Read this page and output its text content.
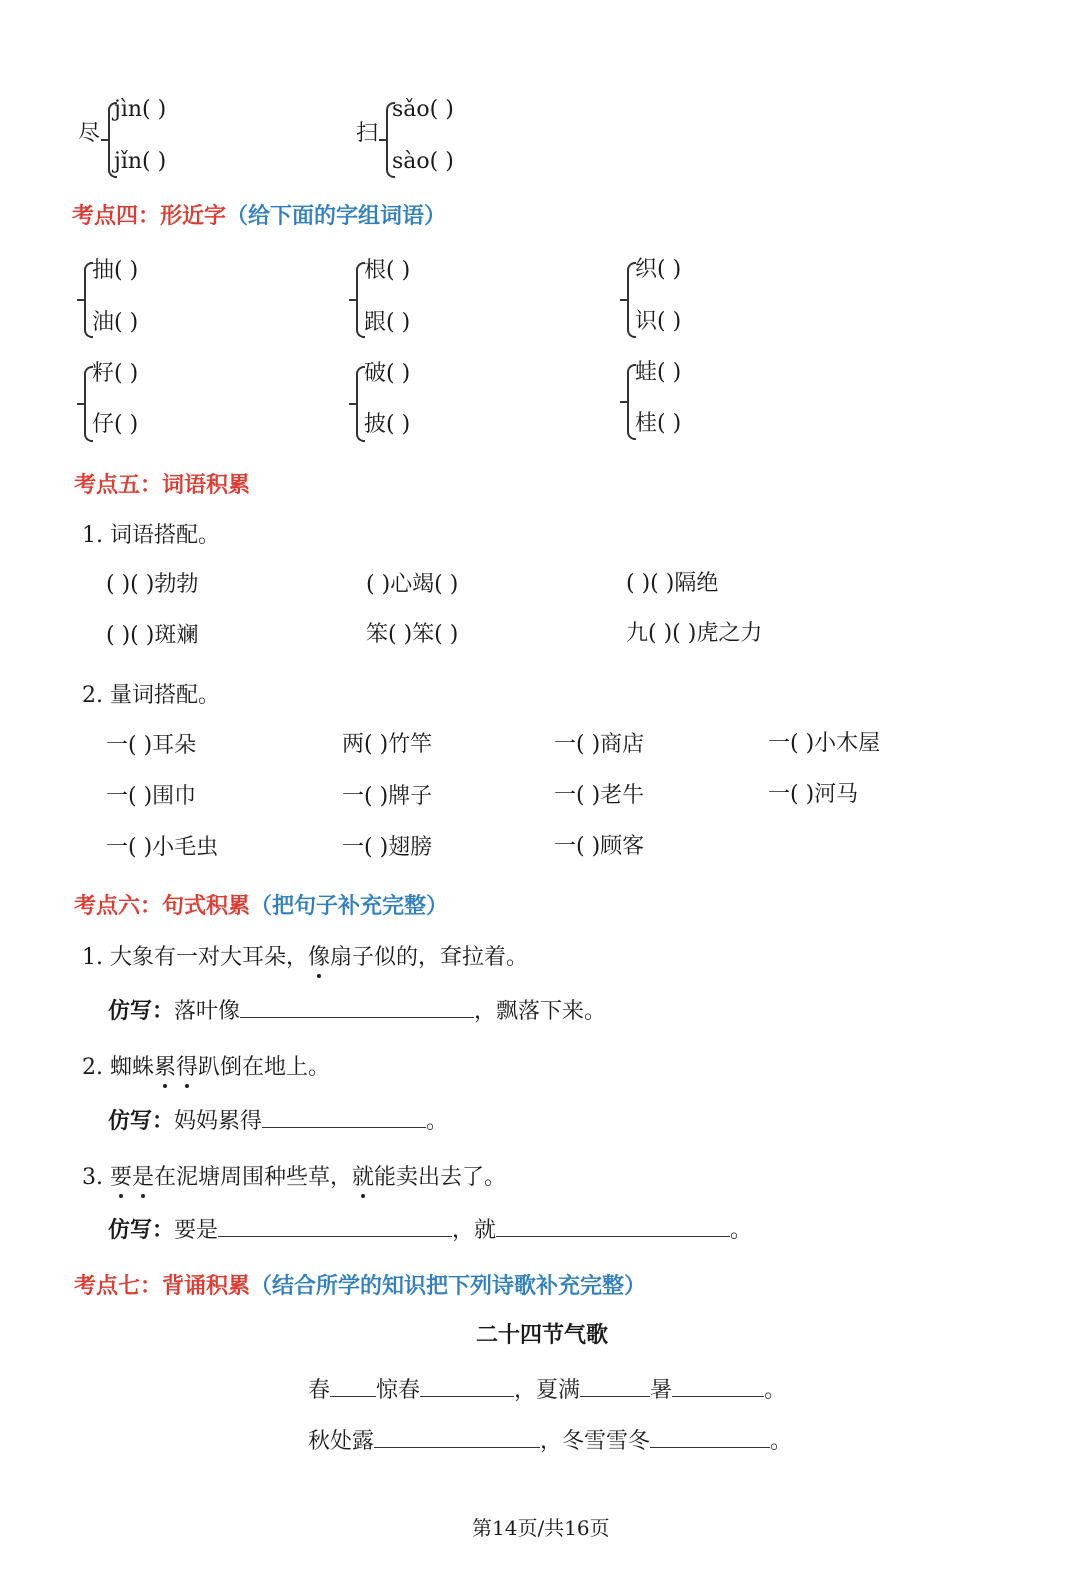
尽
jìn( )
jǐn( )
扫
sǎo( )
sào( )
考点四：形近字（给下面的字组词语）
抽( )
油( )
根( )
跟( )
织( )
识( )
籽( )
仔( )
破( )
披( )
蛙( )
桂( )
考点五：词语积累
1. 词语搭配。
( )( )勃勃	( )心竭( )	( )( )隔绝
( )( )斑斓	笨( )笨( )	九( )( )虎之力
2. 量词搭配。
一( )耳朵	两( )竹竿	一( )商店	一( )小木屋
一( )围巾	一( )牌子	一( )老牛	一( )河马
一( )小毛虫	一( )翅膀	一( )顾客
考点六：句式积累（把句子补充完整）
1. 大象有一对大耳朵，像扇子似的，耷拉着。
仿写：落叶像	，飘落下来。
2. 蜘蛛累得趴倒在地上。
仿写：妈妈累得	。
3. 要是在泥塘周围种些草，就能卖出去了。
仿写：要是	，就	。
考点七：背诵积累（结合所学的知识把下列诗歌补充完整）
二十四节气歌
春 惊春	，夏满	暑	。
秋处露	，冬雪雪冬	。
第14页/共16页
